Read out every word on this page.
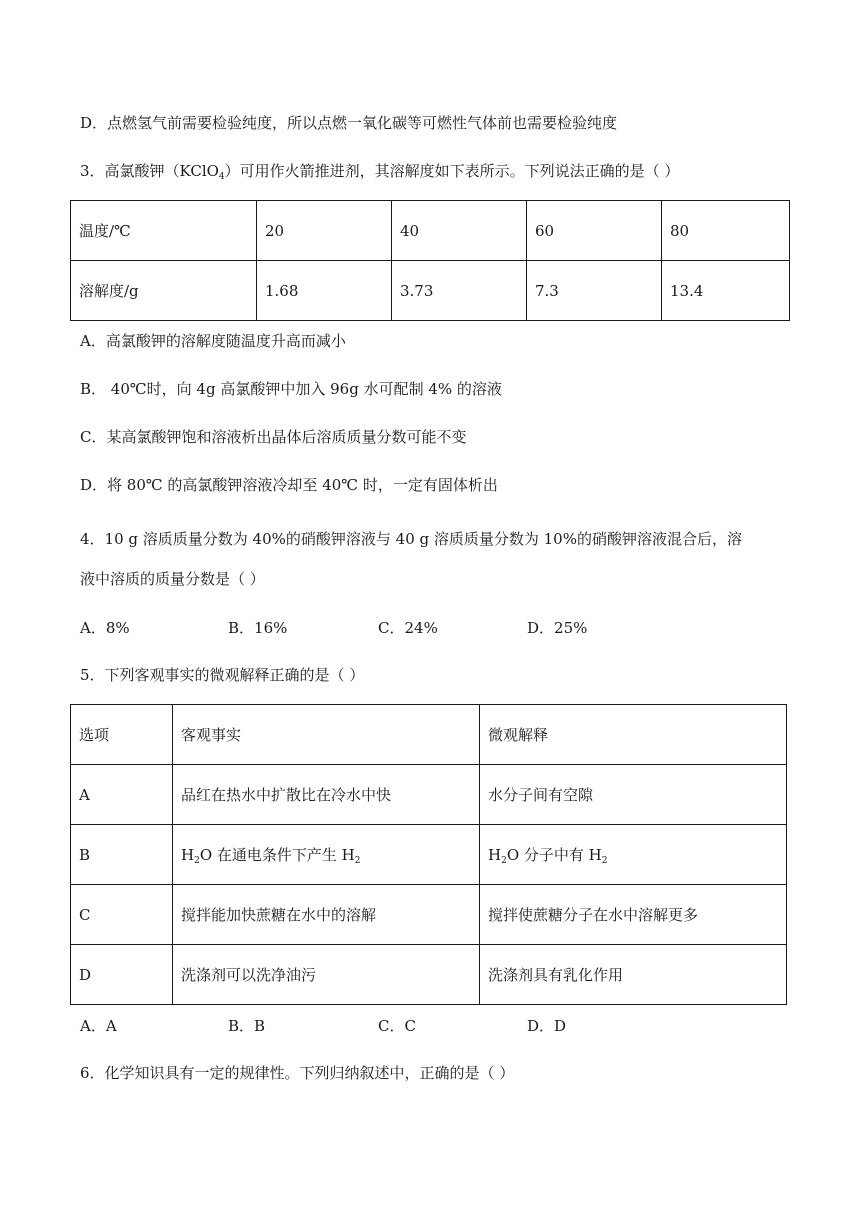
D．点燃氢气前需要检验纯度，所以点燃一氧化碳等可燃性气体前也需要检验纯度
3．高氯酸钾（KClO$_4$）可用作火箭推进剂，其溶解度如下表所示。下列说法正确的是（ ）
温度/℃	20	40	60	80
溶解度/g	1.68	3.73	7.3	13.4
A．高氯酸钾的溶解度随温度升高而减小
B． 40℃时，向 4g 高氯酸钾中加入 96g 水可配制 4% 的溶液
C．某高氯酸钾饱和溶液析出晶体后溶质质量分数可能不变
D．将 80℃ 的高氯酸钾溶液冷却至 40℃ 时，一定有固体析出
4．10 g 溶质质量分数为 40%的硝酸钾溶液与 40 g 溶质质量分数为 10%的硝酸钾溶液混合后，溶
液中溶质的质量分数是（ ）
A．8%	B．16%	C．24%	D．25%
5．下列客观事实的微观解释正确的是（ ）
选项	客观事实	微观解释
A	品红在热水中扩散比在冷水中快	水分子间有空隙
B	$H_2O$ 在通电条件下产生 $H_2$	$H_2O$ 分子中有 $H_2$
C	搅拌能加快蔗糖在水中的溶解	搅拌使蔗糖分子在水中溶解更多
D	洗涤剂可以洗净油污	洗涤剂具有乳化作用
A．A	B．B	C．C	D．D
6．化学知识具有一定的规律性。下列归纳叙述中，正确的是（ ）
